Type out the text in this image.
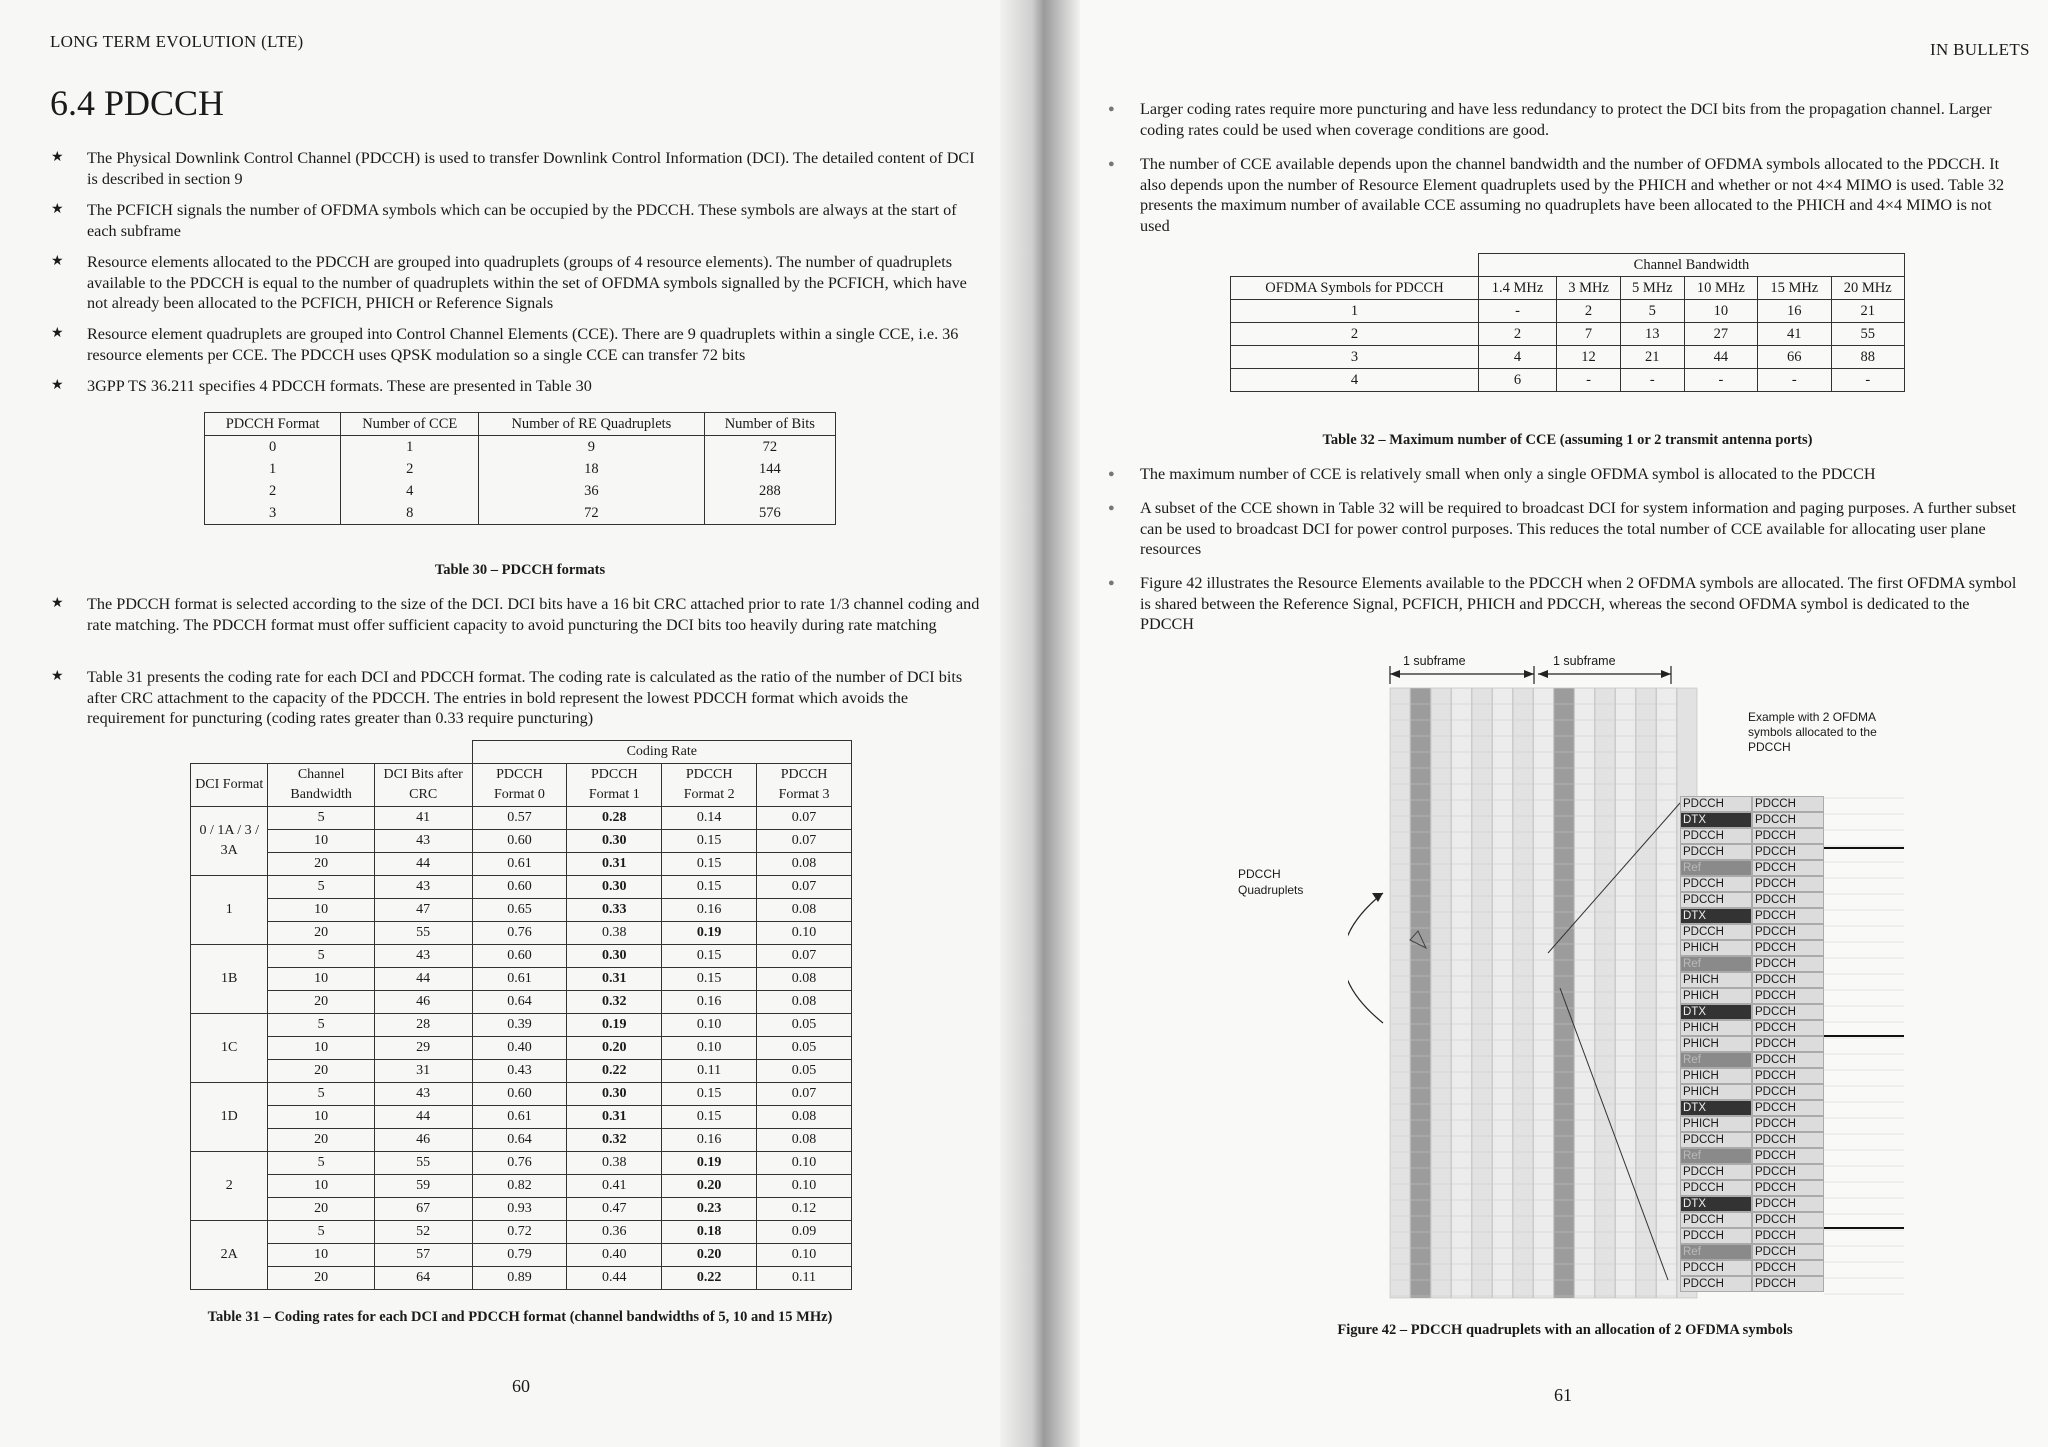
LONG TERM EVOLUTION (LTE)
6.4 PDCCH
★ The Physical Downlink Control Channel (PDCCH) is used to transfer Downlink Control Information (DCI). The detailed content of DCI is described in section 9
★ The PCFICH signals the number of OFDMA symbols which can be occupied by the PDCCH. These symbols are always at the start of each subframe
★ Resource elements allocated to the PDCCH are grouped into quadruplets (groups of 4 resource elements). The number of quadruplets available to the PDCCH is equal to the number of quadruplets within the set of OFDMA symbols signalled by the PCFICH, which have not already been allocated to the PCFICH, PHICH or Reference Signals
★ Resource element quadruplets are grouped into Control Channel Elements (CCE). There are 9 quadruplets within a single CCE, i.e. 36 resource elements per CCE. The PDCCH uses QPSK modulation so a single CCE can transfer 72 bits
★ 3GPP TS 36.211 specifies 4 PDCCH formats. These are presented in Table 30
PDCCH Format	Number of CCE	Number of RE Quadruplets	Number of Bits
0	1	9	72
1	2	18	144
2	4	36	288
3	8	72	576
Table 30 – PDCCH formats
★ The PDCCH format is selected according to the size of the DCI. DCI bits have a 16 bit CRC attached prior to rate 1/3 channel coding and rate matching. The PDCCH format must offer sufficient capacity to avoid puncturing the DCI bits too heavily during rate matching
★ Table 31 presents the coding rate for each DCI and PDCCH format. The coding rate is calculated as the ratio of the number of DCI bits after CRC attachment to the capacity of the PDCCH. The entries in bold represent the lowest PDCCH format which avoids the requirement for puncturing (coding rates greater than 0.33 require puncturing)
			Coding Rate			
DCI Format	Channel Bandwidth	DCI Bits after CRC	PDCCH Format 0	PDCCH Format 1	PDCCH Format 2	PDCCH Format 3
0 / 1A / 3 / 3A	5	41	0.57	0.28	0.14	0.07
	10	43	0.60	0.30	0.15	0.07
	20	44	0.61	0.31	0.15	0.08
1	5	43	0.60	0.30	0.15	0.07
	10	47	0.65	0.33	0.16	0.08
	20	55	0.76	0.38	0.19	0.10
1B	5	43	0.60	0.30	0.15	0.07
	10	44	0.61	0.31	0.15	0.08
	20	46	0.64	0.32	0.16	0.08
1C	5	28	0.39	0.19	0.10	0.05
	10	29	0.40	0.20	0.10	0.05
	20	31	0.43	0.22	0.11	0.05
1D	5	43	0.60	0.30	0.15	0.07
	10	44	0.61	0.31	0.15	0.08
	20	46	0.64	0.32	0.16	0.08
2	5	55	0.76	0.38	0.19	0.10
	10	59	0.82	0.41	0.20	0.10
	20	67	0.93	0.47	0.23	0.12
2A	5	52	0.72	0.36	0.18	0.09
	10	57	0.79	0.40	0.20	0.10
	20	64	0.89	0.44	0.22	0.11
Table 31 – Coding rates for each DCI and PDCCH format (channel bandwidths of 5, 10 and 15 MHz)
60
IN BULLETS
● Larger coding rates require more puncturing and have less redundancy to protect the DCI bits from the propagation channel. Larger coding rates could be used when coverage conditions are good.
● The number of CCE available depends upon the channel bandwidth and the number of OFDMA symbols allocated to the PDCCH. It also depends upon the number of Resource Element quadruplets used by the PHICH and whether or not 4×4 MIMO is used. Table 32 presents the maximum number of available CCE assuming no quadruplets have been allocated to the PHICH and 4×4 MIMO is not used
	Channel Bandwidth					
OFDMA Symbols for PDCCH	1.4 MHz	3 MHz	5 MHz	10 MHz	15 MHz	20 MHz
1	-	2	5	10	16	21
2	2	7	13	27	41	55
3	4	12	21	44	66	88
4	6	-	-	-	-	-
Table 32 – Maximum number of CCE (assuming 1 or 2 transmit antenna ports)
● The maximum number of CCE is relatively small when only a single OFDMA symbol is allocated to the PDCCH
● A subset of the CCE shown in Table 32 will be required to broadcast DCI for system information and paging purposes. A further subset can be used to broadcast DCI for power control purposes. This reduces the total number of CCE available for allocating user plane resources
● Figure 42 illustrates the Resource Elements available to the PDCCH when 2 OFDMA symbols are allocated. The first OFDMA symbol is shared between the Reference Signal, PCFICH, PHICH and PDCCH, whereas the second OFDMA symbol is dedicated to the PDCCH
1 subframe	1 subframe
Example with 2 OFDMA symbols allocated to the PDCCH
PDCCH Quadruplets
PDCCH
DTX
PDCCH
PDCCH
Ref
PDCCH
PDCCH
DTX
PDCCH
PHICH
Ref
PHICH
PHICH
DTX
PHICH
PHICH
Ref
PHICH
PHICH
DTX
PHICH
PDCCH
Ref
PDCCH
PDCCH
DTX
PDCCH
PDCCH
Ref
PDCCH
PDCCH
PDCCH
PDCCH
PDCCH
PDCCH
PDCCH
PDCCH
PDCCH
PDCCH
PDCCH
PDCCH
PDCCH
PDCCH
PDCCH
PDCCH
PDCCH
PDCCH
PDCCH
PDCCH
PDCCH
PDCCH
PDCCH
PDCCH
PDCCH
PDCCH
PDCCH
PDCCH
PDCCH
PDCCH
PDCCH
PDCCH
PDCCH
Figure 42 – PDCCH quadruplets with an allocation of 2 OFDMA symbols
61
